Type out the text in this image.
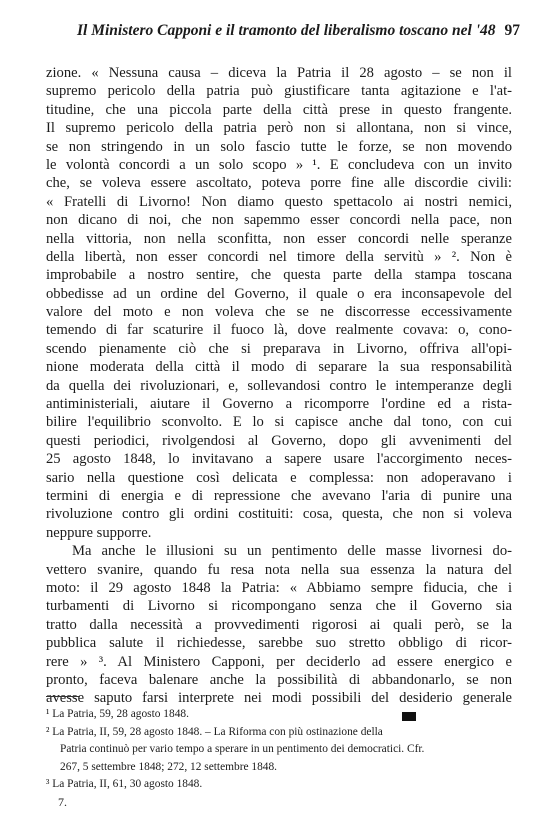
Il Ministero Capponi e il tramonto del liberalismo toscano nel '48 97
zione. « Nessuna causa – diceva la Patria il 28 agosto – se non il
supremo pericolo della patria può giustificare tanta agitazione e l'at-
titudine, che una piccola parte della città prese in questo frangente.
Il supremo pericolo della patria però non si allontana, non si vince,
se non stringendo in un solo fascio tutte le forze, se non movendo
le volontà concordi a un solo scopo » ¹. E concludeva con un invito
che, se voleva essere ascoltato, poteva porre fine alle discordie civili:
« Fratelli di Livorno! Non diamo questo spettacolo ai nostri nemici,
non dicano di noi, che non sapemmo esser concordi nella pace, non
nella vittoria, non nella sconfitta, non esser concordi nelle speranze
della libertà, non esser concordi nel timore della servitù » ². Non è
improbabile a nostro sentire, che questa parte della stampa toscana
obbedisse ad un ordine del Governo, il quale o era inconsapevole del
valore del moto e non voleva che se ne discorresse eccessivamente
temendo di far scaturire il fuoco là, dove realmente covava: o, cono-
scendo pienamente ciò che si preparava in Livorno, offriva all'opi-
nione moderata della città il modo di separare la sua responsabilità
da quella dei rivoluzionari, e, sollevandosi contro le intemperanze degli
antiministeriali, aiutare il Governo a ricomporre l'ordine ed a rista-
bilire l'equilibrio sconvolto. E lo si capisce anche dal tono, con cui
questi periodici, rivolgendosi al Governo, dopo gli avvenimenti del
25 agosto 1848, lo invitavano a sapere usare l'accorgimento neces-
sario nella questione così delicata e complessa: non adoperavano i
termini di energia e di repressione che avevano l'aria di punire una
rivoluzione contro gli ordini costituiti: cosa, questa, che non si voleva
neppure supporre.
Ma anche le illusioni su un pentimento delle masse livornesi do-
vettero svanire, quando fu resa nota nella sua essenza la natura del
moto: il 29 agosto 1848 la Patria: « Abbiamo sempre fiducia, che i
turbamenti di Livorno si ricompongano senza che il Governo sia
tratto dalla necessità a provvedimenti rigorosi ai quali però, se la
pubblica salute il richiedesse, sarebbe suo stretto obbligo di ricor-
rere » ³. Al Ministero Capponi, per deciderlo ad essere energico e
pronto, faceva balenare anche la possibilità di abbandonarlo, se non
avesse saputo farsi interprete nei modi possibili del desiderio generale
¹ La Patria, 59, 28 agosto 1848.
² La Patria, II, 59, 28 agosto 1848. – La Riforma con più ostinazione della
Patria continuò per vario tempo a sperare in un pentimento dei democratici. Cfr.
267, 5 settembre 1848; 272, 12 settembre 1848.
³ La Patria, II, 61, 30 agosto 1848.
7.
